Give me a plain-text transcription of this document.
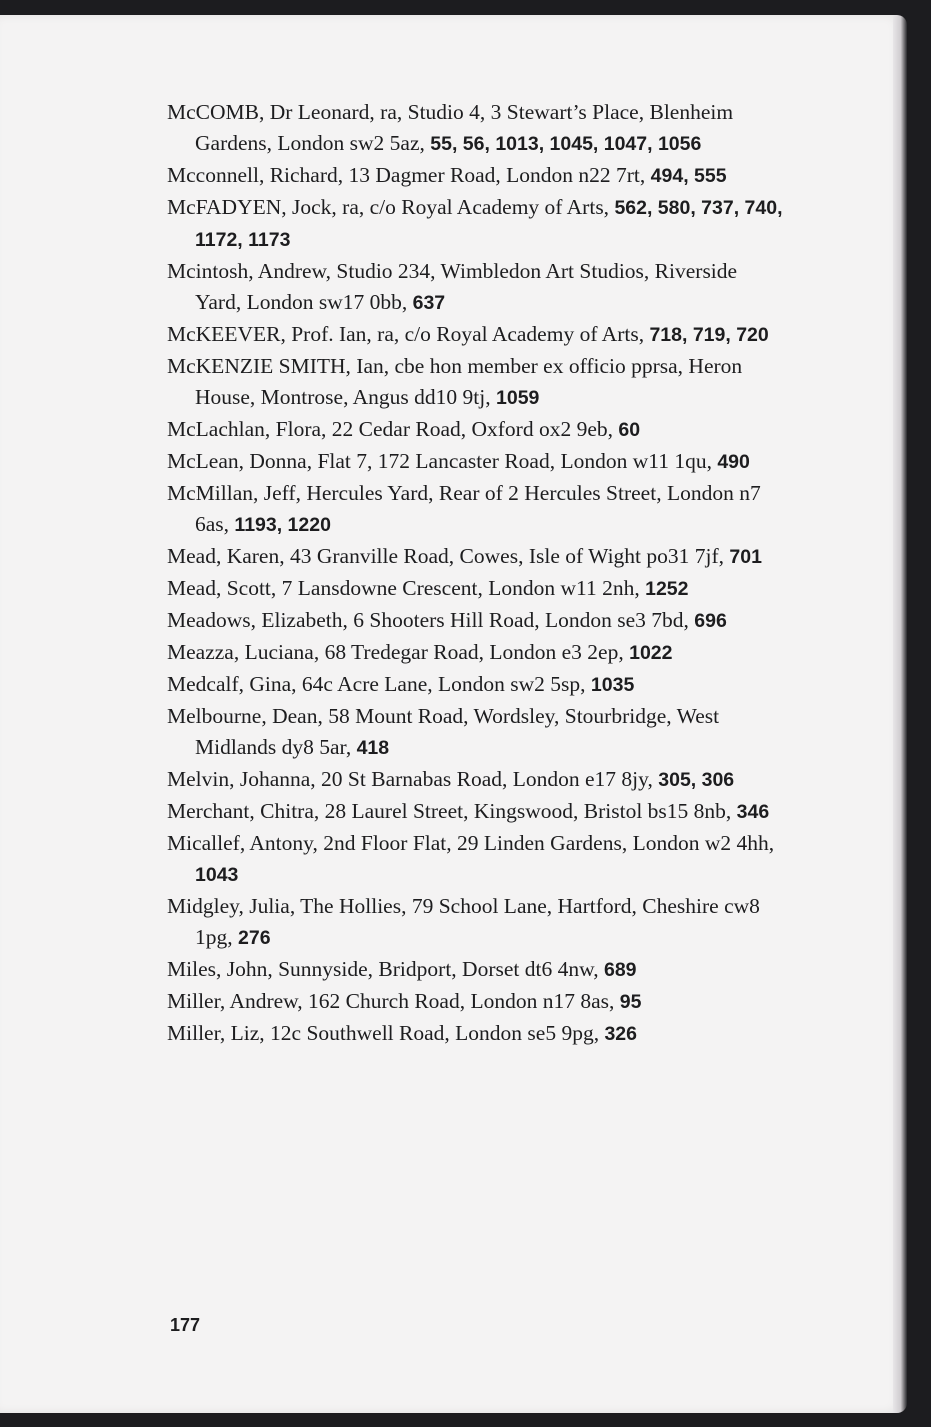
McCOMB, Dr Leonard, ra, Studio 4, 3 Stewart’s Place, Blenheim Gardens, London sw2 5az, 55, 56, 1013, 1045, 1047, 1056
Mcconnell, Richard, 13 Dagmer Road, London n22 7rt, 494, 555
McFADYEN, Jock, ra, c/o Royal Academy of Arts, 562, 580, 737, 740, 1172, 1173
Mcintosh, Andrew, Studio 234, Wimbledon Art Studios, Riverside Yard, London sw17 0bb, 637
McKEEVER, Prof. Ian, ra, c/o Royal Academy of Arts, 718, 719, 720
McKENZIE SMITH, Ian, cbe hon member ex officio pprsa, Heron House, Montrose, Angus dd10 9tj, 1059
McLachlan, Flora, 22 Cedar Road, Oxford ox2 9eb, 60
McLean, Donna, Flat 7, 172 Lancaster Road, London w11 1qu, 490
McMillan, Jeff, Hercules Yard, Rear of 2 Hercules Street, London n7 6as, 1193, 1220
Mead, Karen, 43 Granville Road, Cowes, Isle of Wight po31 7jf, 701
Mead, Scott, 7 Lansdowne Crescent, London w11 2nh, 1252
Meadows, Elizabeth, 6 Shooters Hill Road, London se3 7bd, 696
Meazza, Luciana, 68 Tredegar Road, London e3 2ep, 1022
Medcalf, Gina, 64c Acre Lane, London sw2 5sp, 1035
Melbourne, Dean, 58 Mount Road, Wordsley, Stourbridge, West Midlands dy8 5ar, 418
Melvin, Johanna, 20 St Barnabas Road, London e17 8jy, 305, 306
Merchant, Chitra, 28 Laurel Street, Kingswood, Bristol bs15 8nb, 346
Micallef, Antony, 2nd Floor Flat, 29 Linden Gardens, London w2 4hh, 1043
Midgley, Julia, The Hollies, 79 School Lane, Hartford, Cheshire cw8 1pg, 276
Miles, John, Sunnyside, Bridport, Dorset dt6 4nw, 689
Miller, Andrew, 162 Church Road, London n17 8as, 95
Miller, Liz, 12c Southwell Road, London se5 9pg, 326
177
